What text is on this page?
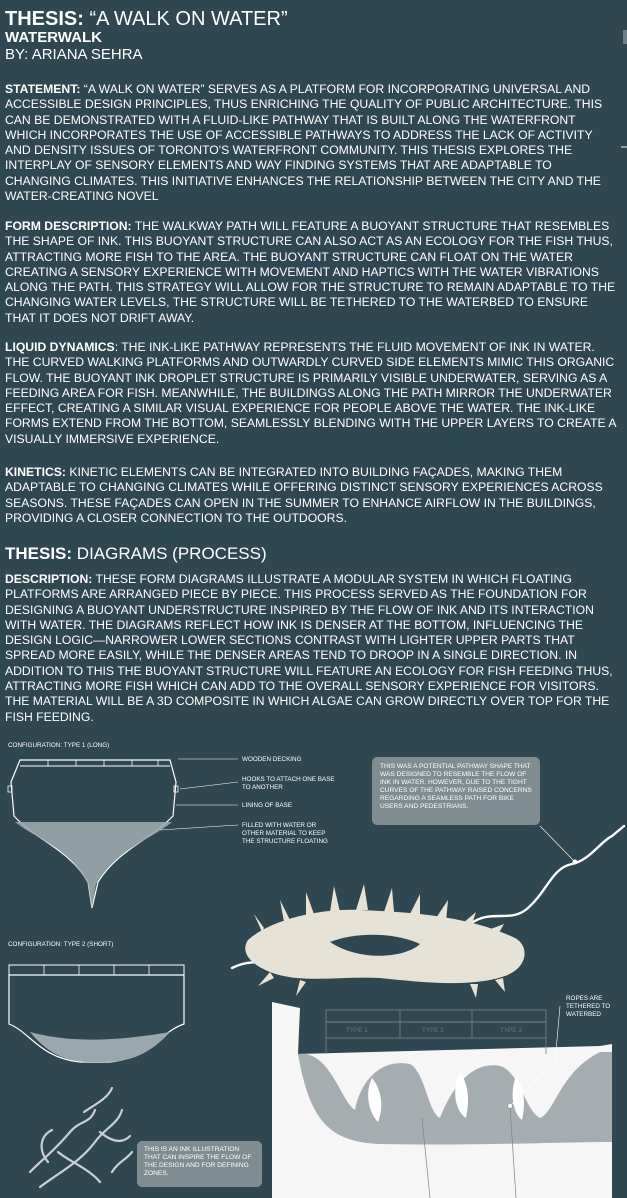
THESIS: “A WALK ON WATER”
WATERWALK
BY: ARIANA SEHRA
STATEMENT: “A WALK ON WATER” SERVES AS A PLATFORM FOR INCORPORATING UNIVERSAL AND ACCESSIBLE DESIGN PRINCIPLES, THUS ENRICHING THE QUALITY OF PUBLIC ARCHITECTURE. THIS CAN BE DEMONSTRATED WITH A FLUID-LIKE PATHWAY THAT IS BUILT ALONG THE WATERFRONT WHICH INCORPORATES THE USE OF ACCESSIBLE PATHWAYS TO ADDRESS THE LACK OF ACTIVITY AND DENSITY ISSUES OF TORONTO'S WATERFRONT COMMUNITY. THIS THESIS EXPLORES THE INTERPLAY OF SENSORY ELEMENTS AND WAY FINDING SYSTEMS THAT ARE ADAPTABLE TO CHANGING CLIMATES. THIS INITIATIVE ENHANCES THE RELATIONSHIP BETWEEN THE CITY AND THE WATER-CREATING NOVEL
FORM DESCRIPTION: THE WALKWAY PATH WILL FEATURE A BUOYANT STRUCTURE THAT RESEMBLES THE SHAPE OF INK. THIS BUOYANT STRUCTURE CAN ALSO ACT AS AN ECOLOGY FOR THE FISH THUS, ATTRACTING MORE FISH TO THE AREA. THE BUOYANT STRUCTURE CAN FLOAT ON THE WATER CREATING A SENSORY EXPERIENCE WITH MOVEMENT AND HAPTICS WITH THE WATER VIBRATIONS ALONG THE PATH. THIS STRATEGY WILL ALLOW FOR THE STRUCTURE TO REMAIN ADAPTABLE TO THE CHANGING WATER LEVELS, THE STRUCTURE WILL BE TETHERED TO THE WATERBED TO ENSURE THAT IT DOES NOT DRIFT AWAY.
LIQUID DYNAMICS: THE INK-LIKE PATHWAY REPRESENTS THE FLUID MOVEMENT OF INK IN WATER. THE CURVED WALKING PLATFORMS AND OUTWARDLY CURVED SIDE ELEMENTS MIMIC THIS ORGANIC FLOW. THE BUOYANT INK DROPLET STRUCTURE IS PRIMARILY VISIBLE UNDERWATER, SERVING AS A FEEDING AREA FOR FISH. MEANWHILE, THE BUILDINGS ALONG THE PATH MIRROR THE UNDERWATER EFFECT, CREATING A SIMILAR VISUAL EXPERIENCE FOR PEOPLE ABOVE THE WATER. THE INK-LIKE FORMS EXTEND FROM THE BOTTOM, SEAMLESSLY BLENDING WITH THE UPPER LAYERS TO CREATE A VISUALLY IMMERSIVE EXPERIENCE.
KINETICS: KINETIC ELEMENTS CAN BE INTEGRATED INTO BUILDING FAÇADES, MAKING THEM ADAPTABLE TO CHANGING CLIMATES WHILE OFFERING DISTINCT SENSORY EXPERIENCES ACROSS SEASONS. THESE FAÇADES CAN OPEN IN THE SUMMER TO ENHANCE AIRFLOW IN THE BUILDINGS, PROVIDING A CLOSER CONNECTION TO THE OUTDOORS.
THESIS: DIAGRAMS (PROCESS)
DESCRIPTION: THESE FORM DIAGRAMS ILLUSTRATE A MODULAR SYSTEM IN WHICH FLOATING PLATFORMS ARE ARRANGED PIECE BY PIECE. THIS PROCESS SERVED AS THE FOUNDATION FOR DESIGNING A BUOYANT UNDERSTRUCTURE INSPIRED BY THE FLOW OF INK AND ITS INTERACTION WITH WATER. THE DIAGRAMS REFLECT HOW INK IS DENSER AT THE BOTTOM, INFLUENCING THE DESIGN LOGIC—NARROWER LOWER SECTIONS CONTRAST WITH LIGHTER UPPER PARTS THAT SPREAD MORE EASILY, WHILE THE DENSER AREAS TEND TO DROOP IN A SINGLE DIRECTION. IN ADDITION TO THIS THE BUOYANT STRUCTURE WILL FEATURE AN ECOLOGY FOR FISH FEEDING THUS, ATTRACTING MORE FISH WHICH CAN ADD TO THE OVERALL SENSORY EXPERIENCE FOR VISITORS. THE MATERIAL WILL BE A 3D COMPOSITE IN WHICH ALGAE CAN GROW DIRECTLY OVER TOP FOR THE FISH FEEDING.
CONFIGURATION: TYPE 1 (LONG)
WOODEN DECKING
HOOKS TO ATTACH ONE BASE
TO ANOTHER
LINING OF BASE
FILLED WITH WATER OR
OTHER MATERIAL TO KEEP
THE STRUCTURE FLOATING
CONFIGURATION: TYPE 2 (SHORT)
TYPE 1	TYPE 2	TYPE 3
ROPES ARE
TETHERED TO
WATERBED
THIS WAS A POTENTIAL PATHWAY SHAPE THAT WAS DESIGNED TO RESEMBLE THE FLOW OF INK IN WATER. HOWEVER, DUE TO THE TIGHT CURVES OF THE PATHWAY RAISED CONCERNS REGARDING A SEAMLESS PATH FOR BIKE USERS AND PEDESTRIANS.
THIS IS AN INK ILLUSTRATION THAT CAN INSPIRE THE FLOW OF THE DESIGN AND FOR DEFINING ZONES.
